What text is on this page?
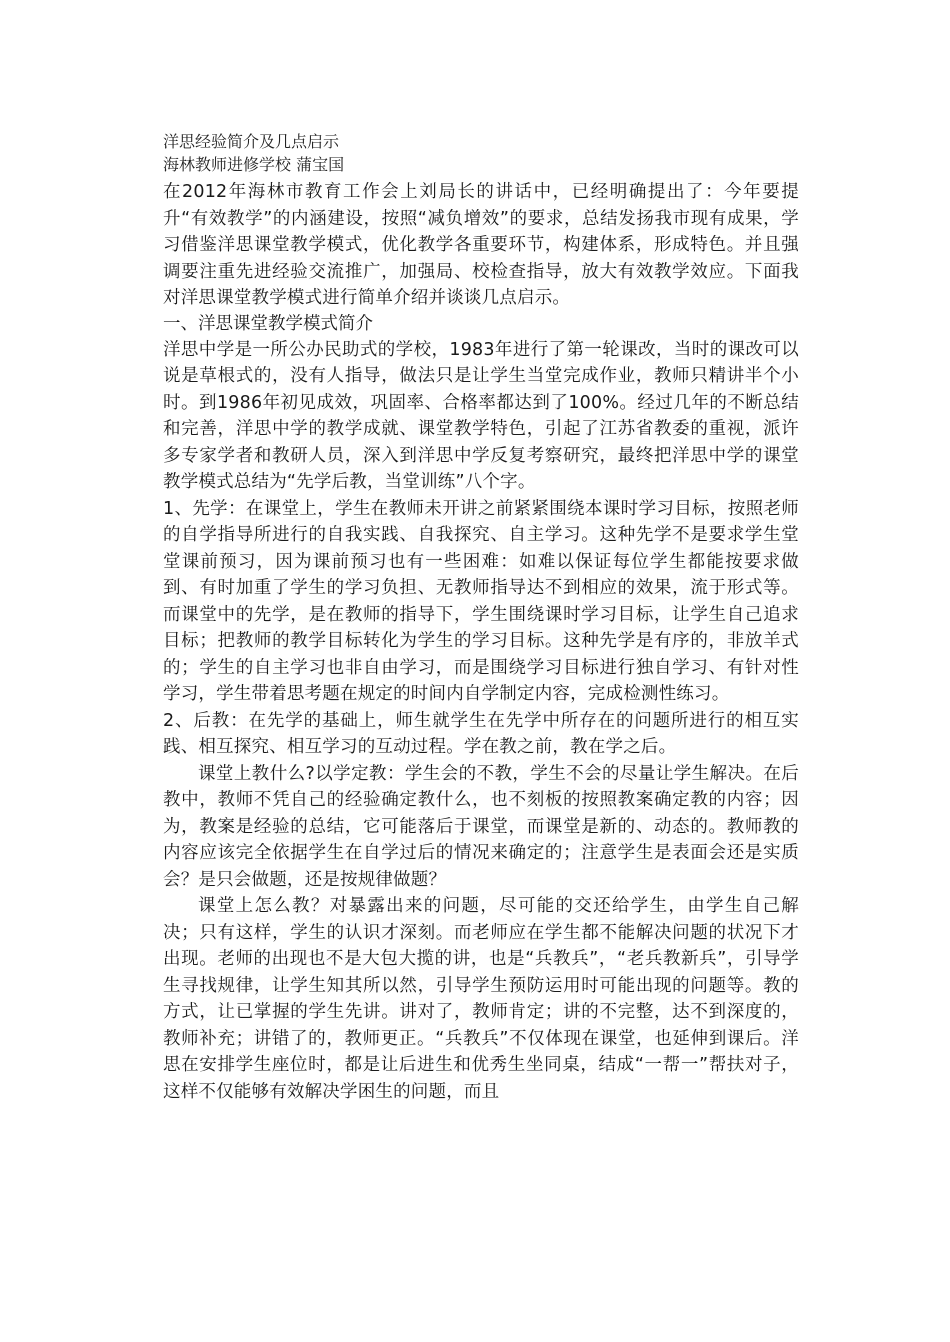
洋思经验简介及几点启示

海林教师进修学校 蒲宝国

在2012年海林市教育工作会上刘局长的讲话中，已经明确提出了：今年要提升“有效教学”的内涵建设，按照“减负增效”的要求，总结发扬我市现有成果，学习借鉴洋思课堂教学模式，优化教学各重要环节，构建体系，形成特色。并且强调要注重先进经验交流推广，加强局、校检查指导，放大有效教学效应。下面我对洋思课堂教学模式进行简单介绍并谈谈几点启示。

一、洋思课堂教学模式简介

洋思中学是一所公办民助式的学校，1983年进行了第一轮课改，当时的课改可以说是草根式的，没有人指导，做法只是让学生当堂完成作业，教师只精讲半个小时。到1986年初见成效，巩固率、合格率都达到了100%。经过几年的不断总结和完善，洋思中学的教学成就、课堂教学特色，引起了江苏省教委的重视，派许多专家学者和教研人员，深入到洋思中学反复考察研究，最终把洋思中学的课堂教学模式总结为“先学后教，当堂训练”八个字。

1、先学：在课堂上，学生在教师未开讲之前紧紧围绕本课时学习目标，按照老师的自学指导所进行的自我实践、自我探究、自主学习。这种先学不是要求学生堂堂课前预习，因为课前预习也有一些困难：如难以保证每位学生都能按要求做到、有时加重了学生的学习负担、无教师指导达不到相应的效果，流于形式等。而课堂中的先学，是在教师的指导下，学生围绕课时学习目标，让学生自己追求目标；把教师的教学目标转化为学生的学习目标。这种先学是有序的，非放羊式的；学生的自主学习也非自由学习，而是围绕学习目标进行独自学习、有针对性学习，学生带着思考题在规定的时间内自学制定内容，完成检测性练习。

2、后教：在先学的基础上，师生就学生在先学中所存在的问题所进行的相互实践、相互探究、相互学习的互动过程。学在教之前，教在学之后。

课堂上教什么?以学定教：学生会的不教，学生不会的尽量让学生解决。在后教中，教师不凭自己的经验确定教什么，也不刻板的按照教案确定教的内容；因为，教案是经验的总结，它可能落后于课堂，而课堂是新的、动态的。教师教的内容应该完全依据学生在自学过后的情况来确定的；注意学生是表面会还是实质会？是只会做题，还是按规律做题？

课堂上怎么教？对暴露出来的问题，尽可能的交还给学生，由学生自己解决；只有这样，学生的认识才深刻。而老师应在学生都不能解决问题的状况下才出现。老师的出现也不是大包大揽的讲，也是“兵教兵”，“老兵教新兵”，引导学生寻找规律，让学生知其所以然，引导学生预防运用时可能出现的问题等。教的方式，让已掌握的学生先讲。讲对了，教师肯定；讲的不完整，达不到深度的，教师补充；讲错了的，教师更正。“兵教兵”不仅体现在课堂，也延伸到课后。洋思在安排学生座位时，都是让后进生和优秀生坐同桌，结成“一帮一”帮扶对子，这样不仅能够有效解决学困生的问题，而且
